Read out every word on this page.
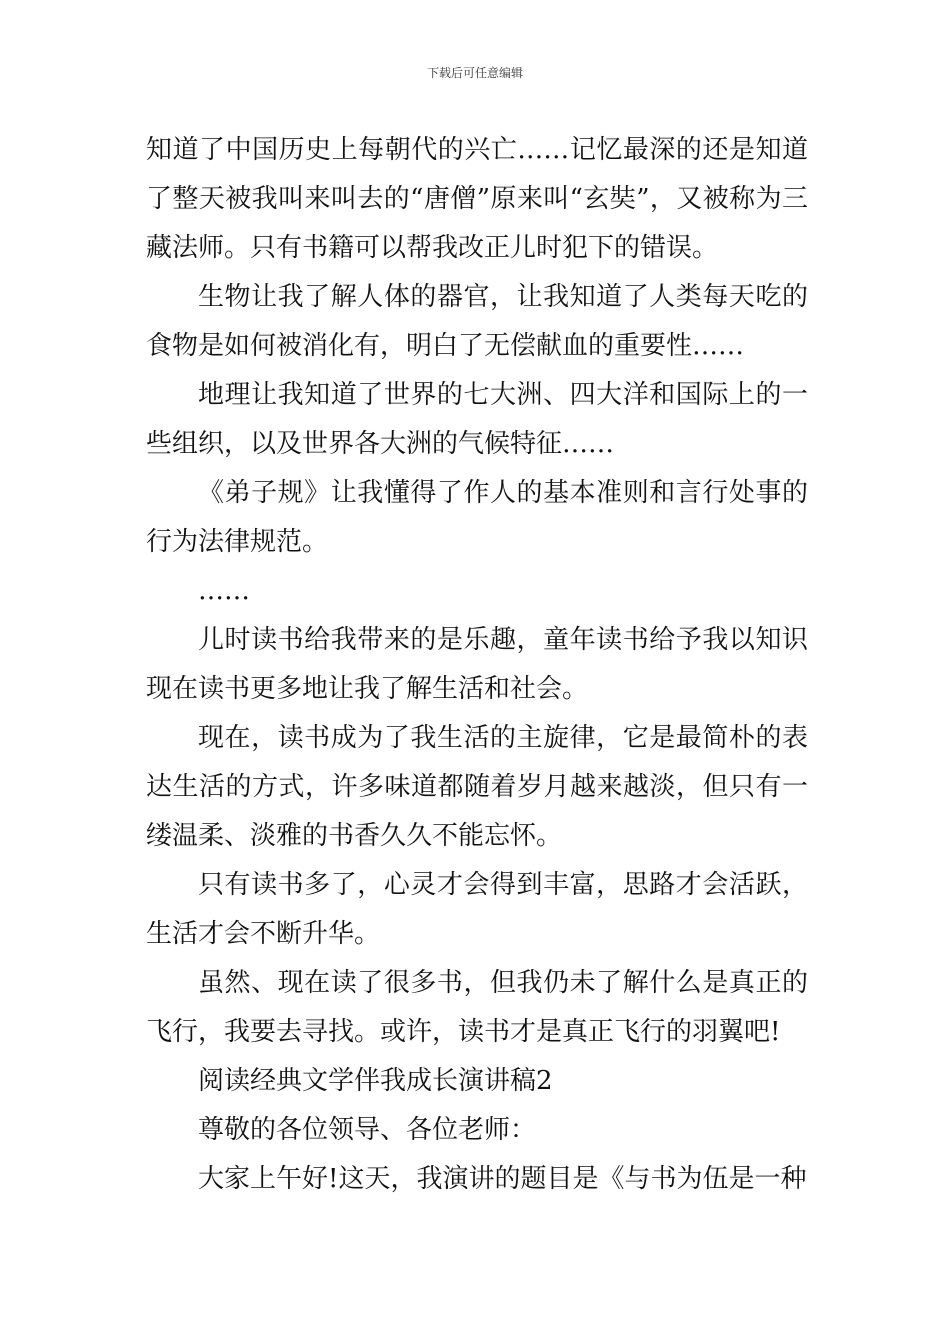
下载后可任意编辑

知道了中国历史上每朝代的兴亡……记忆最深的还是知道了整天被我叫来叫去的“唐僧”原来叫“玄奘”，又被称为三藏法师。只有书籍可以帮我改正儿时犯下的错误。

生物让我了解人体的器官，让我知道了人类每天吃的食物是如何被消化有，明白了无偿献血的重要性……

地理让我知道了世界的七大洲、四大洋和国际上的一些组织，以及世界各大洲的气候特征……

《弟子规》让我懂得了作人的基本准则和言行处事的行为法律规范。

……

儿时读书给我带来的是乐趣，童年读书给予我以知识现在读书更多地让我了解生活和社会。

现在，读书成为了我生活的主旋律，它是最简朴的表达生活的方式，许多味道都随着岁月越来越淡，但只有一缕温柔、淡雅的书香久久不能忘怀。

只有读书多了，心灵才会得到丰富，思路才会活跃，生活才会不断升华。

虽然、现在读了很多书，但我仍未了解什么是真正的飞行，我要去寻找。或许，读书才是真正飞行的羽翼吧!

阅读经典文学伴我成长演讲稿2

尊敬的各位领导、各位老师：

大家上午好!这天，我演讲的题目是《与书为伍是一种
